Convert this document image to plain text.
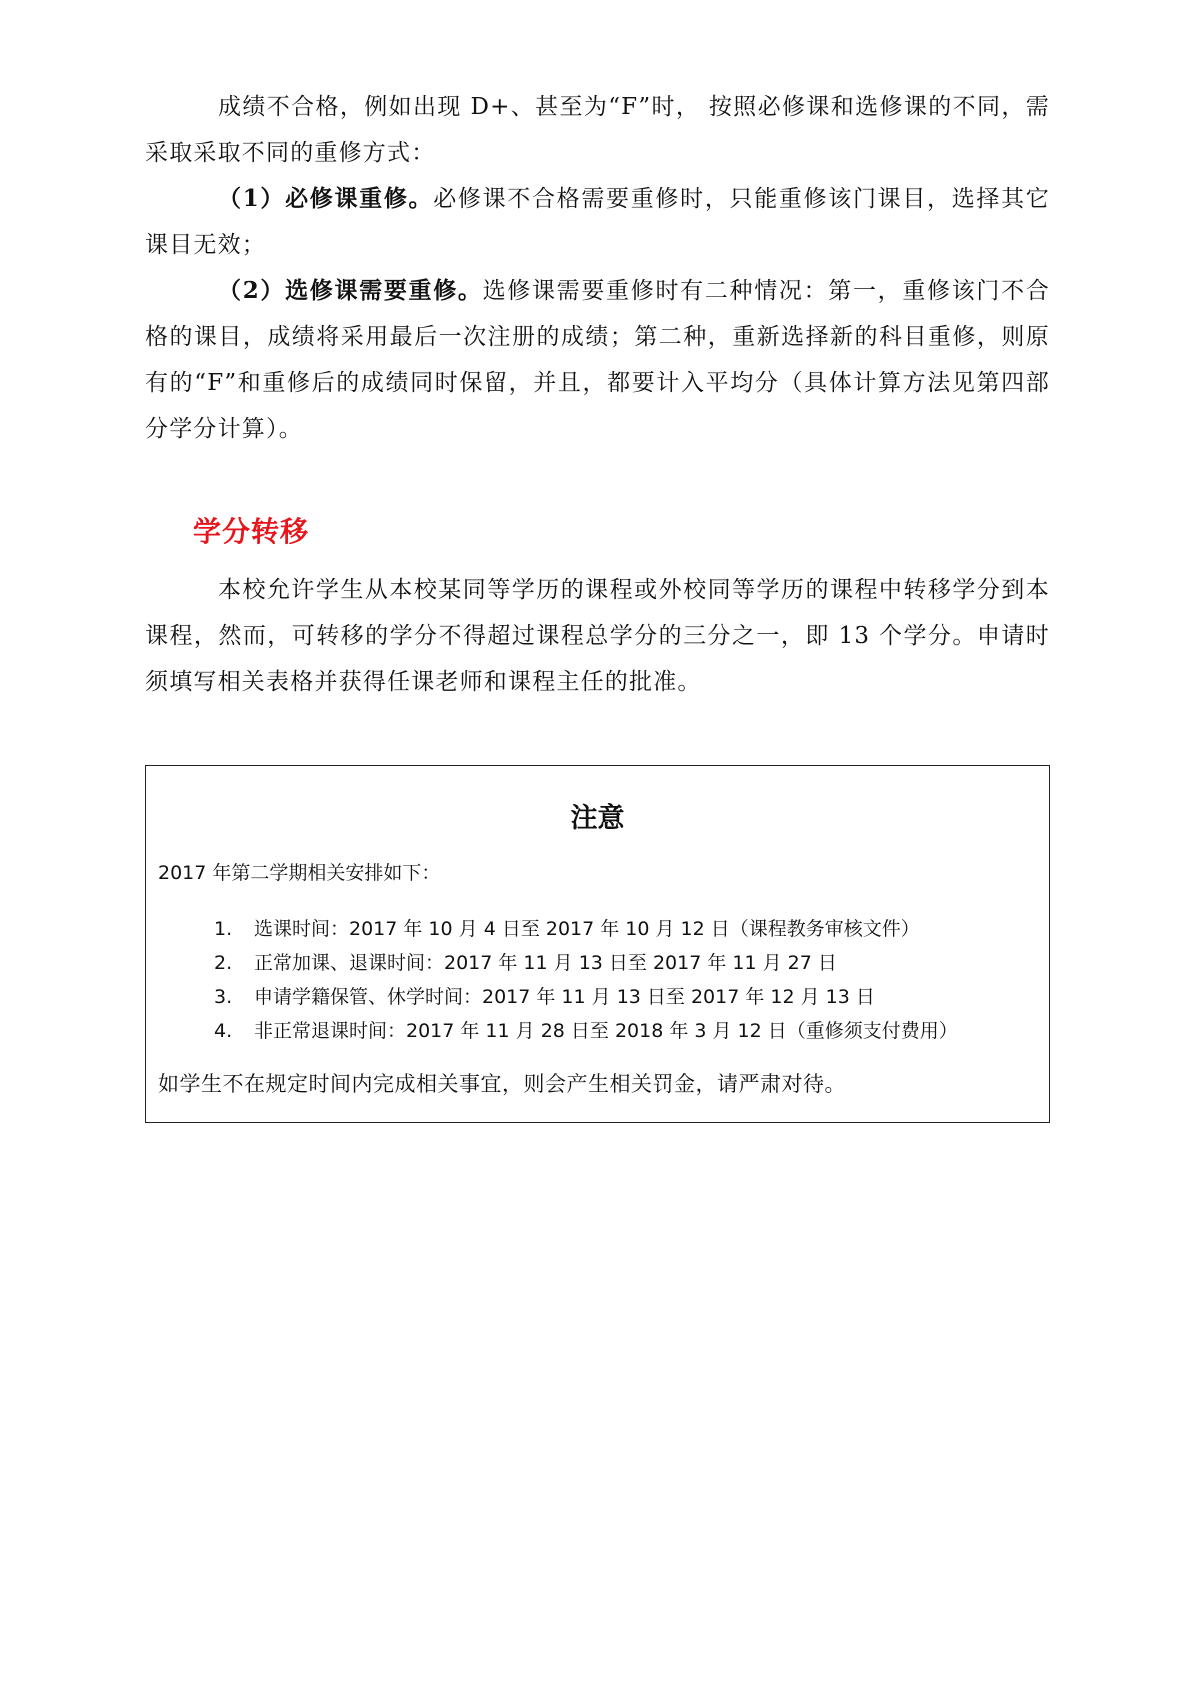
成绩不合格，例如出现 D+、甚至为“F”时， 按照必修课和选修课的不同，需采取采取不同的重修方式：

（1）必修课重修。必修课不合格需要重修时，只能重修该门课目，选择其它课目无效；

（2）选修课需要重修。选修课需要重修时有二种情况：第一，重修该门不合格的课目，成绩将采用最后一次注册的成绩；第二种，重新选择新的科目重修，则原有的“F”和重修后的成绩同时保留，并且，都要计入平均分（具体计算方法见第四部分学分计算）。

学分转移

本校允许学生从本校某同等学历的课程或外校同等学历的课程中转移学分到本课程，然而，可转移的学分不得超过课程总学分的三分之一，即 13 个学分。申请时须填写相关表格并获得任课老师和课程主任的批准。

注意

2017 年第二学期相关安排如下：

1. 选课时间：2017 年 10 月 4 日至 2017 年 10 月 12 日（课程教务审核文件）
2. 正常加课、退课时间：2017 年 11 月 13 日至 2017 年 11 月 27 日
3. 申请学籍保管、休学时间：2017 年 11 月 13 日至 2017 年 12 月 13 日
4. 非正常退课时间：2017 年 11 月 28 日至 2018 年 3 月 12 日（重修须支付费用）

如学生不在规定时间内完成相关事宜，则会产生相关罚金，请严肃对待。
